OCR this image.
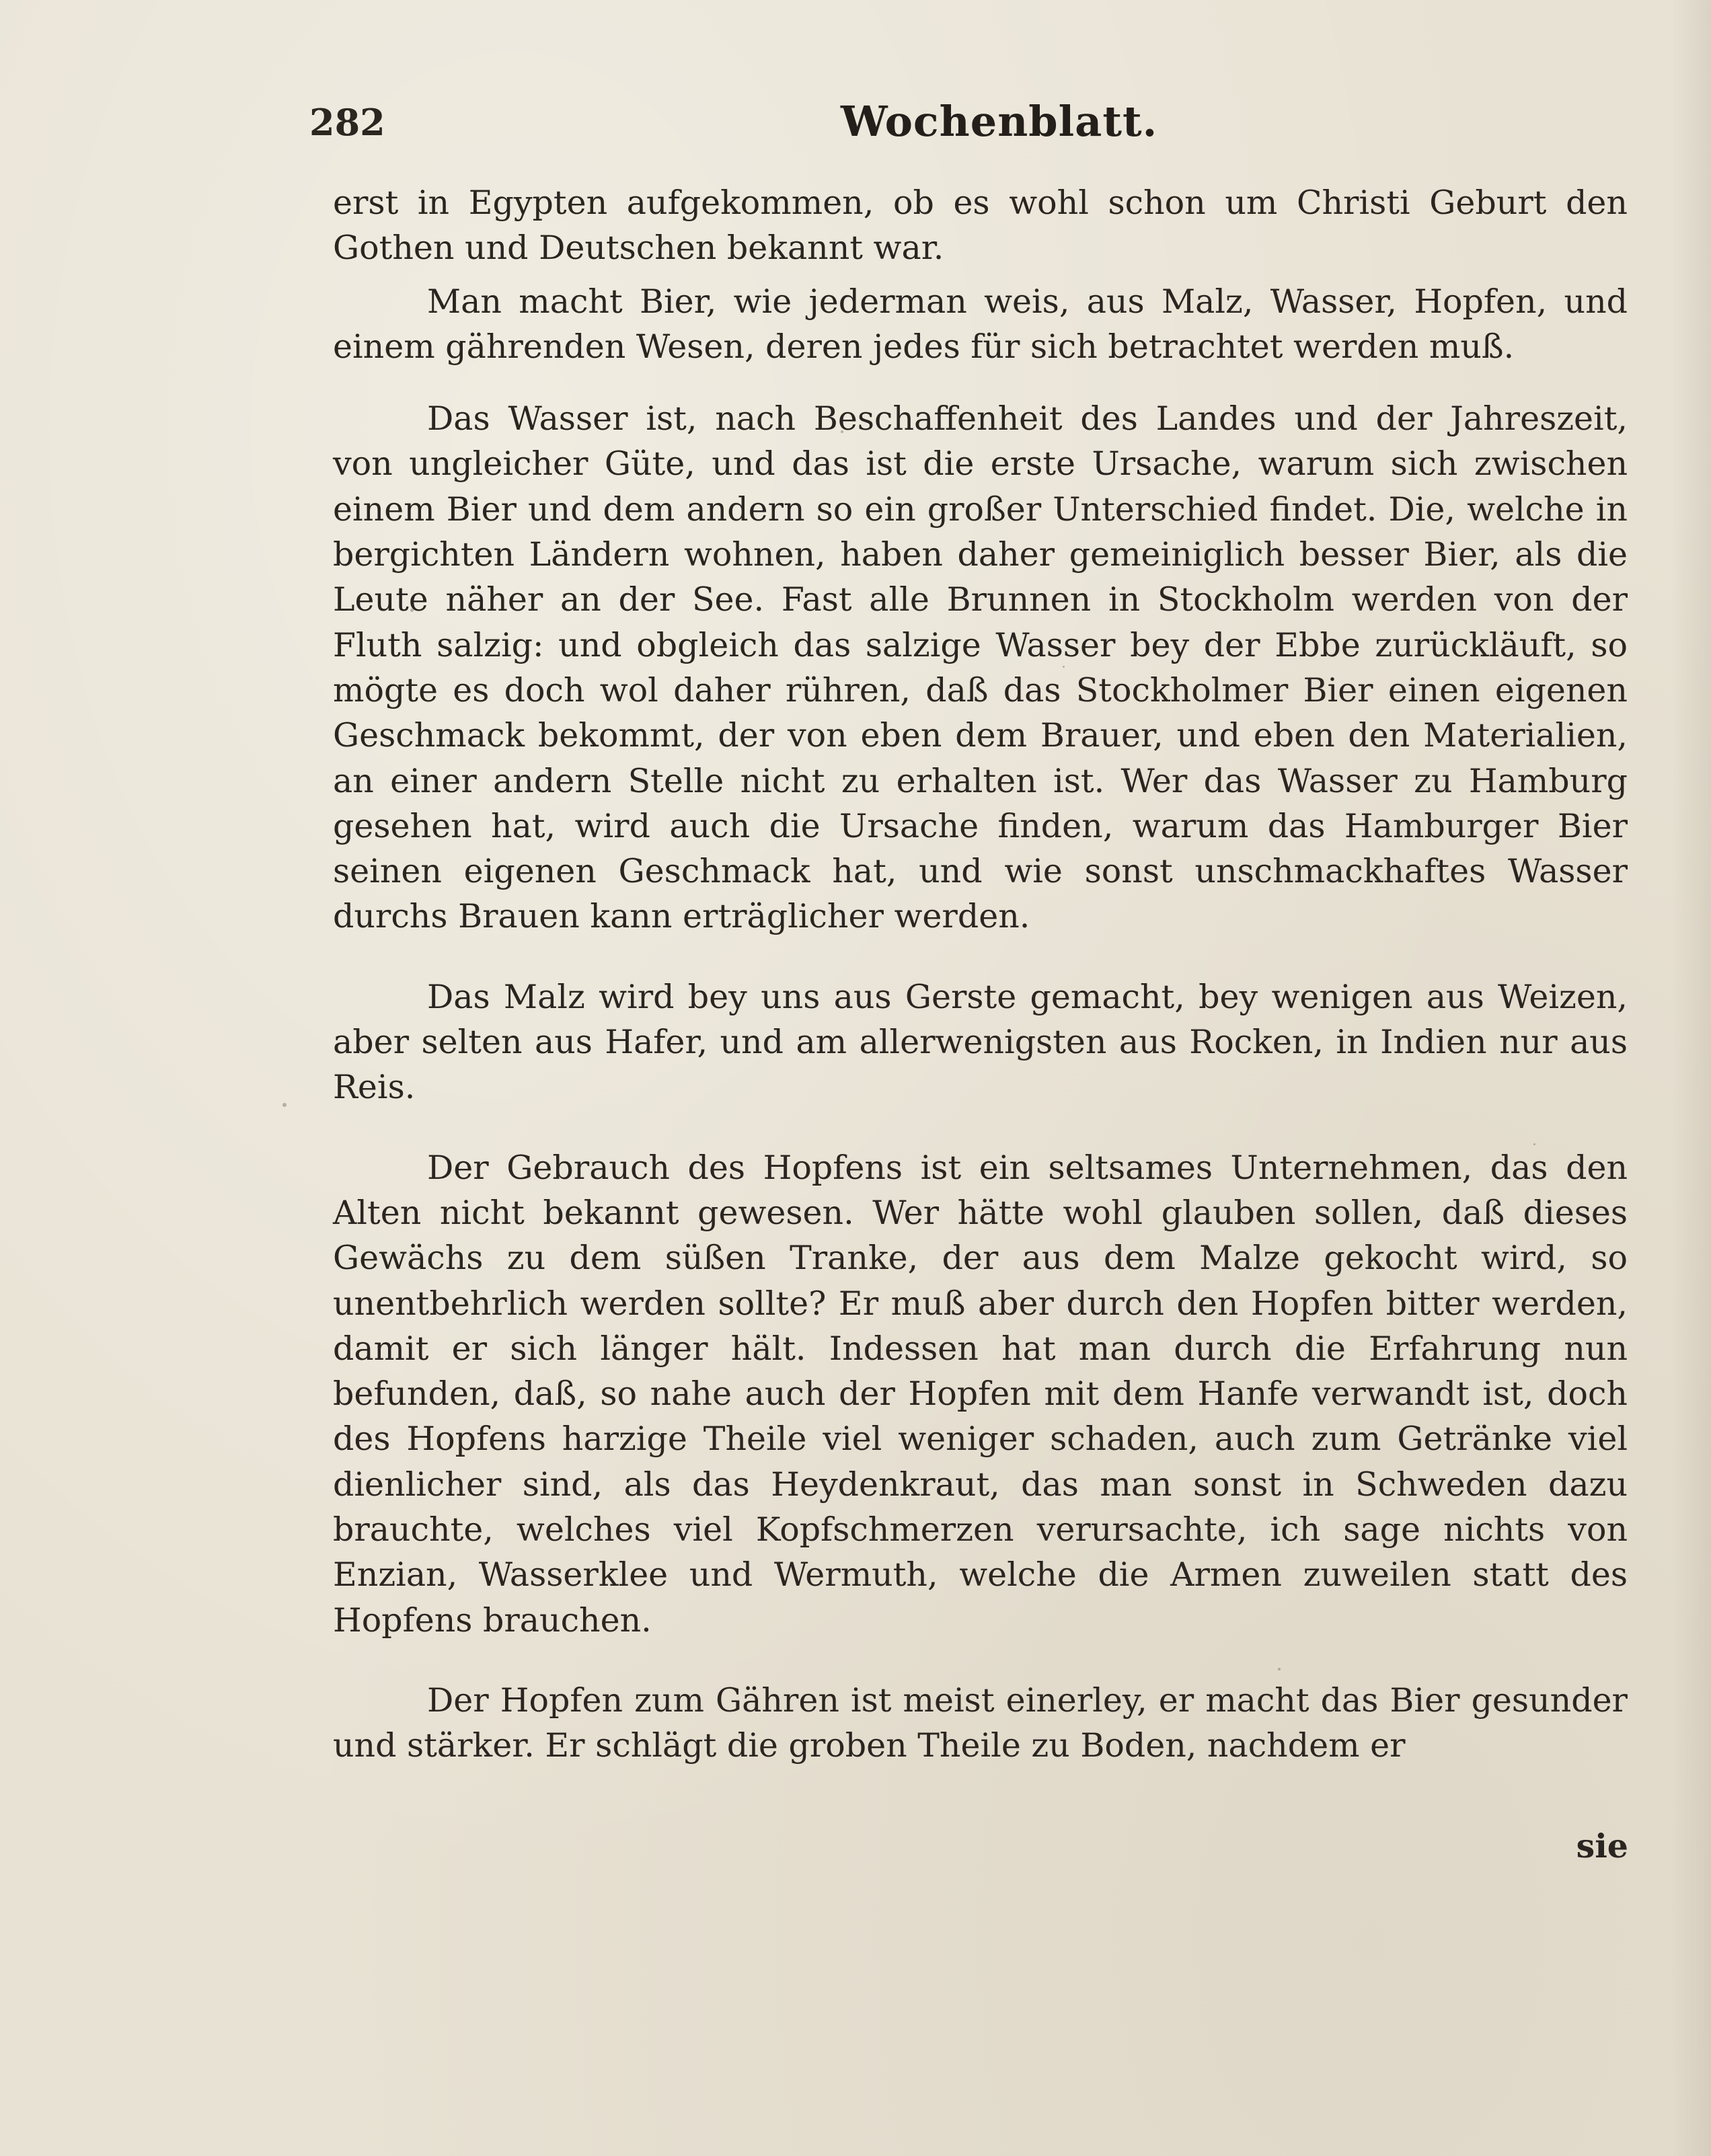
282	Wochenblatt.

erst in Egypten aufgekommen, ob es wohl schon um Christi Geburt den Gothen und Deutschen bekannt war.

Man macht Bier, wie jederman weis, aus Malz, Wasser, Hopfen, und einem gährenden Wesen, deren jedes für sich betrachtet werden muß.

Das Wasser ist, nach Beschaffenheit des Landes und der Jahreszeit, von ungleicher Güte, und das ist die erste Ursache, warum sich zwischen einem Bier und dem andern so ein großer Unterschied findet. Die, welche in bergichten Ländern wohnen, haben daher gemeiniglich besser Bier, als die Leute näher an der See. Fast alle Brunnen in Stockholm werden von der Fluth salzig: und obgleich das salzige Wasser bey der Ebbe zurückläuft, so mögte es doch wol daher rühren, daß das Stockholmer Bier einen eigenen Geschmack bekommt, der von eben dem Brauer, und eben den Materialien, an einer andern Stelle nicht zu erhalten ist. Wer das Wasser zu Hamburg gesehen hat, wird auch die Ursache finden, warum das Hamburger Bier seinen eigenen Geschmack hat, und wie sonst unschmackhaftes Wasser durchs Brauen kann erträglicher werden.

Das Malz wird bey uns aus Gerste gemacht, bey wenigen aus Weizen, aber selten aus Hafer, und am allerwenigsten aus Rocken, in Indien nur aus Reis.

Der Gebrauch des Hopfens ist ein seltsames Unternehmen, das den Alten nicht bekannt gewesen. Wer hätte wohl glauben sollen, daß dieses Gewächs zu dem süßen Tranke, der aus dem Malze gekocht wird, so unentbehrlich werden sollte? Er muß aber durch den Hopfen bitter werden, damit er sich länger hält. Indessen hat man durch die Erfahrung nun befunden, daß, so nahe auch der Hopfen mit dem Hanfe verwandt ist, doch des Hopfens harzige Theile viel weniger schaden, auch zum Getränke viel dienlicher sind, als das Heydenkraut, das man sonst in Schweden dazu brauchte, welches viel Kopfschmerzen verursachte, ich sage nichts von Enzian, Wasserklee und Wermuth, welche die Armen zuweilen statt des Hopfens brauchen.

Der Hopfen zum Gähren ist meist einerley, er macht das Bier gesunder und stärker. Er schlägt die groben Theile zu Boden, nachdem er

sie
